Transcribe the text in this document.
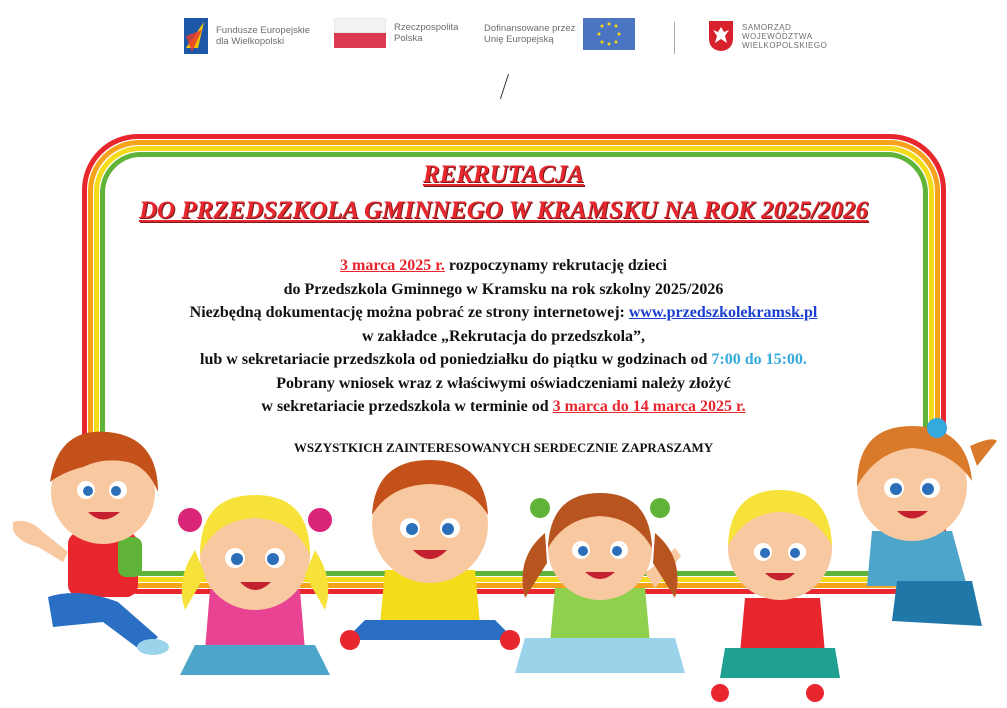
Fundusze Europejskie
dla Wielkopolski
Rzeczpospolita
Polska
Dofinansowane przez
Unię Europejską
SAMORZĄD
WOJEWÓDZTWA
WIELKOPOLSKIEGO
REKRUTACJA
DO PRZEDSZKOLA GMINNEGO W KRAMSKU NA ROK 2025/2026
3 marca 2025 r. rozpoczynamy rekrutację dzieci
do Przedszkola Gminnego w Kramsku na rok szkolny 2025/2026
Niezbędną dokumentację można pobrać ze strony internetowej: www.przedszkolekramsk.pl
w zakładce „Rekrutacja do przedszkola”,
lub w sekretariacie przedszkola od poniedziałku do piątku w godzinach od 7:00 do 15:00.
Pobrany wniosek wraz z właściwymi oświadczeniami należy złożyć
w sekretariacie przedszkola w terminie od 3 marca do 14 marca 2025 r.
WSZYSTKICH ZAINTERESOWANYCH SERDECZNIE ZAPRASZAMY
